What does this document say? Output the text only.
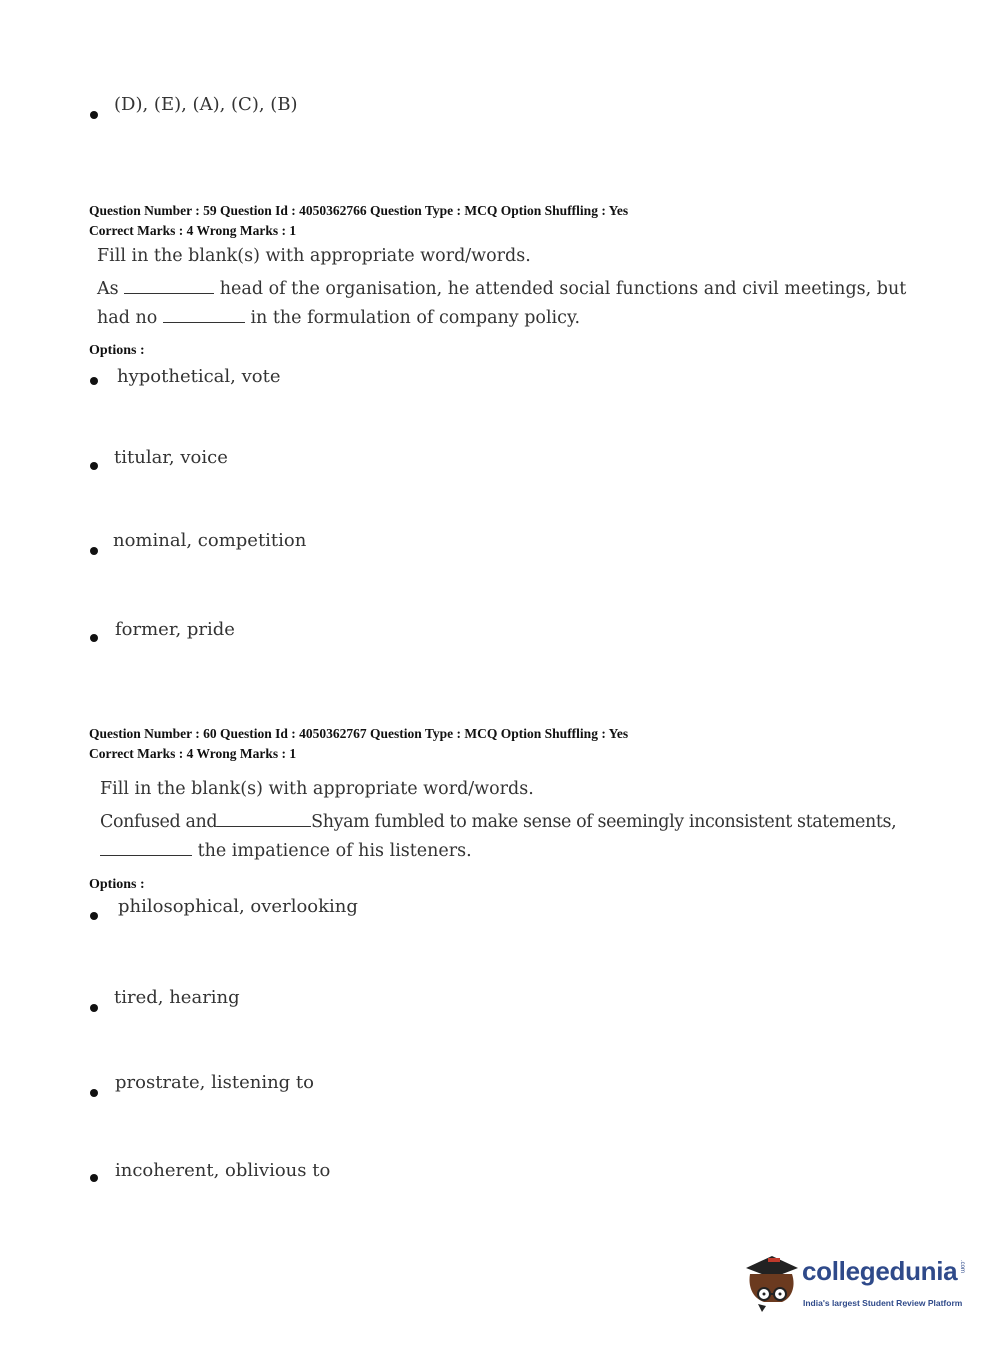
(D), (E), (A), (C), (B)
Question Number : 59 Question Id : 4050362766 Question Type : MCQ Option Shuffling : Yes
Correct Marks : 4 Wrong Marks : 1
Fill in the blank(s) with appropriate word/words.
As	head of the organisation, he attended social functions and civil meetings, but
had no	in the formulation of company policy.
Options :
hypothetical, vote
titular, voice
nominal, competition
former, pride
Question Number : 60 Question Id : 4050362767 Question Type : MCQ Option Shuffling : Yes
Correct Marks : 4 Wrong Marks : 1
Fill in the blank(s) with appropriate word/words.
Confused and	Shyam fumbled to make sense of seemingly inconsistent statements,
the impatience of his listeners.
Options :
philosophical, overlooking
tired, hearing
prostrate, listening to
incoherent, oblivious to
collegedunia .com
India's largest Student Review Platform
